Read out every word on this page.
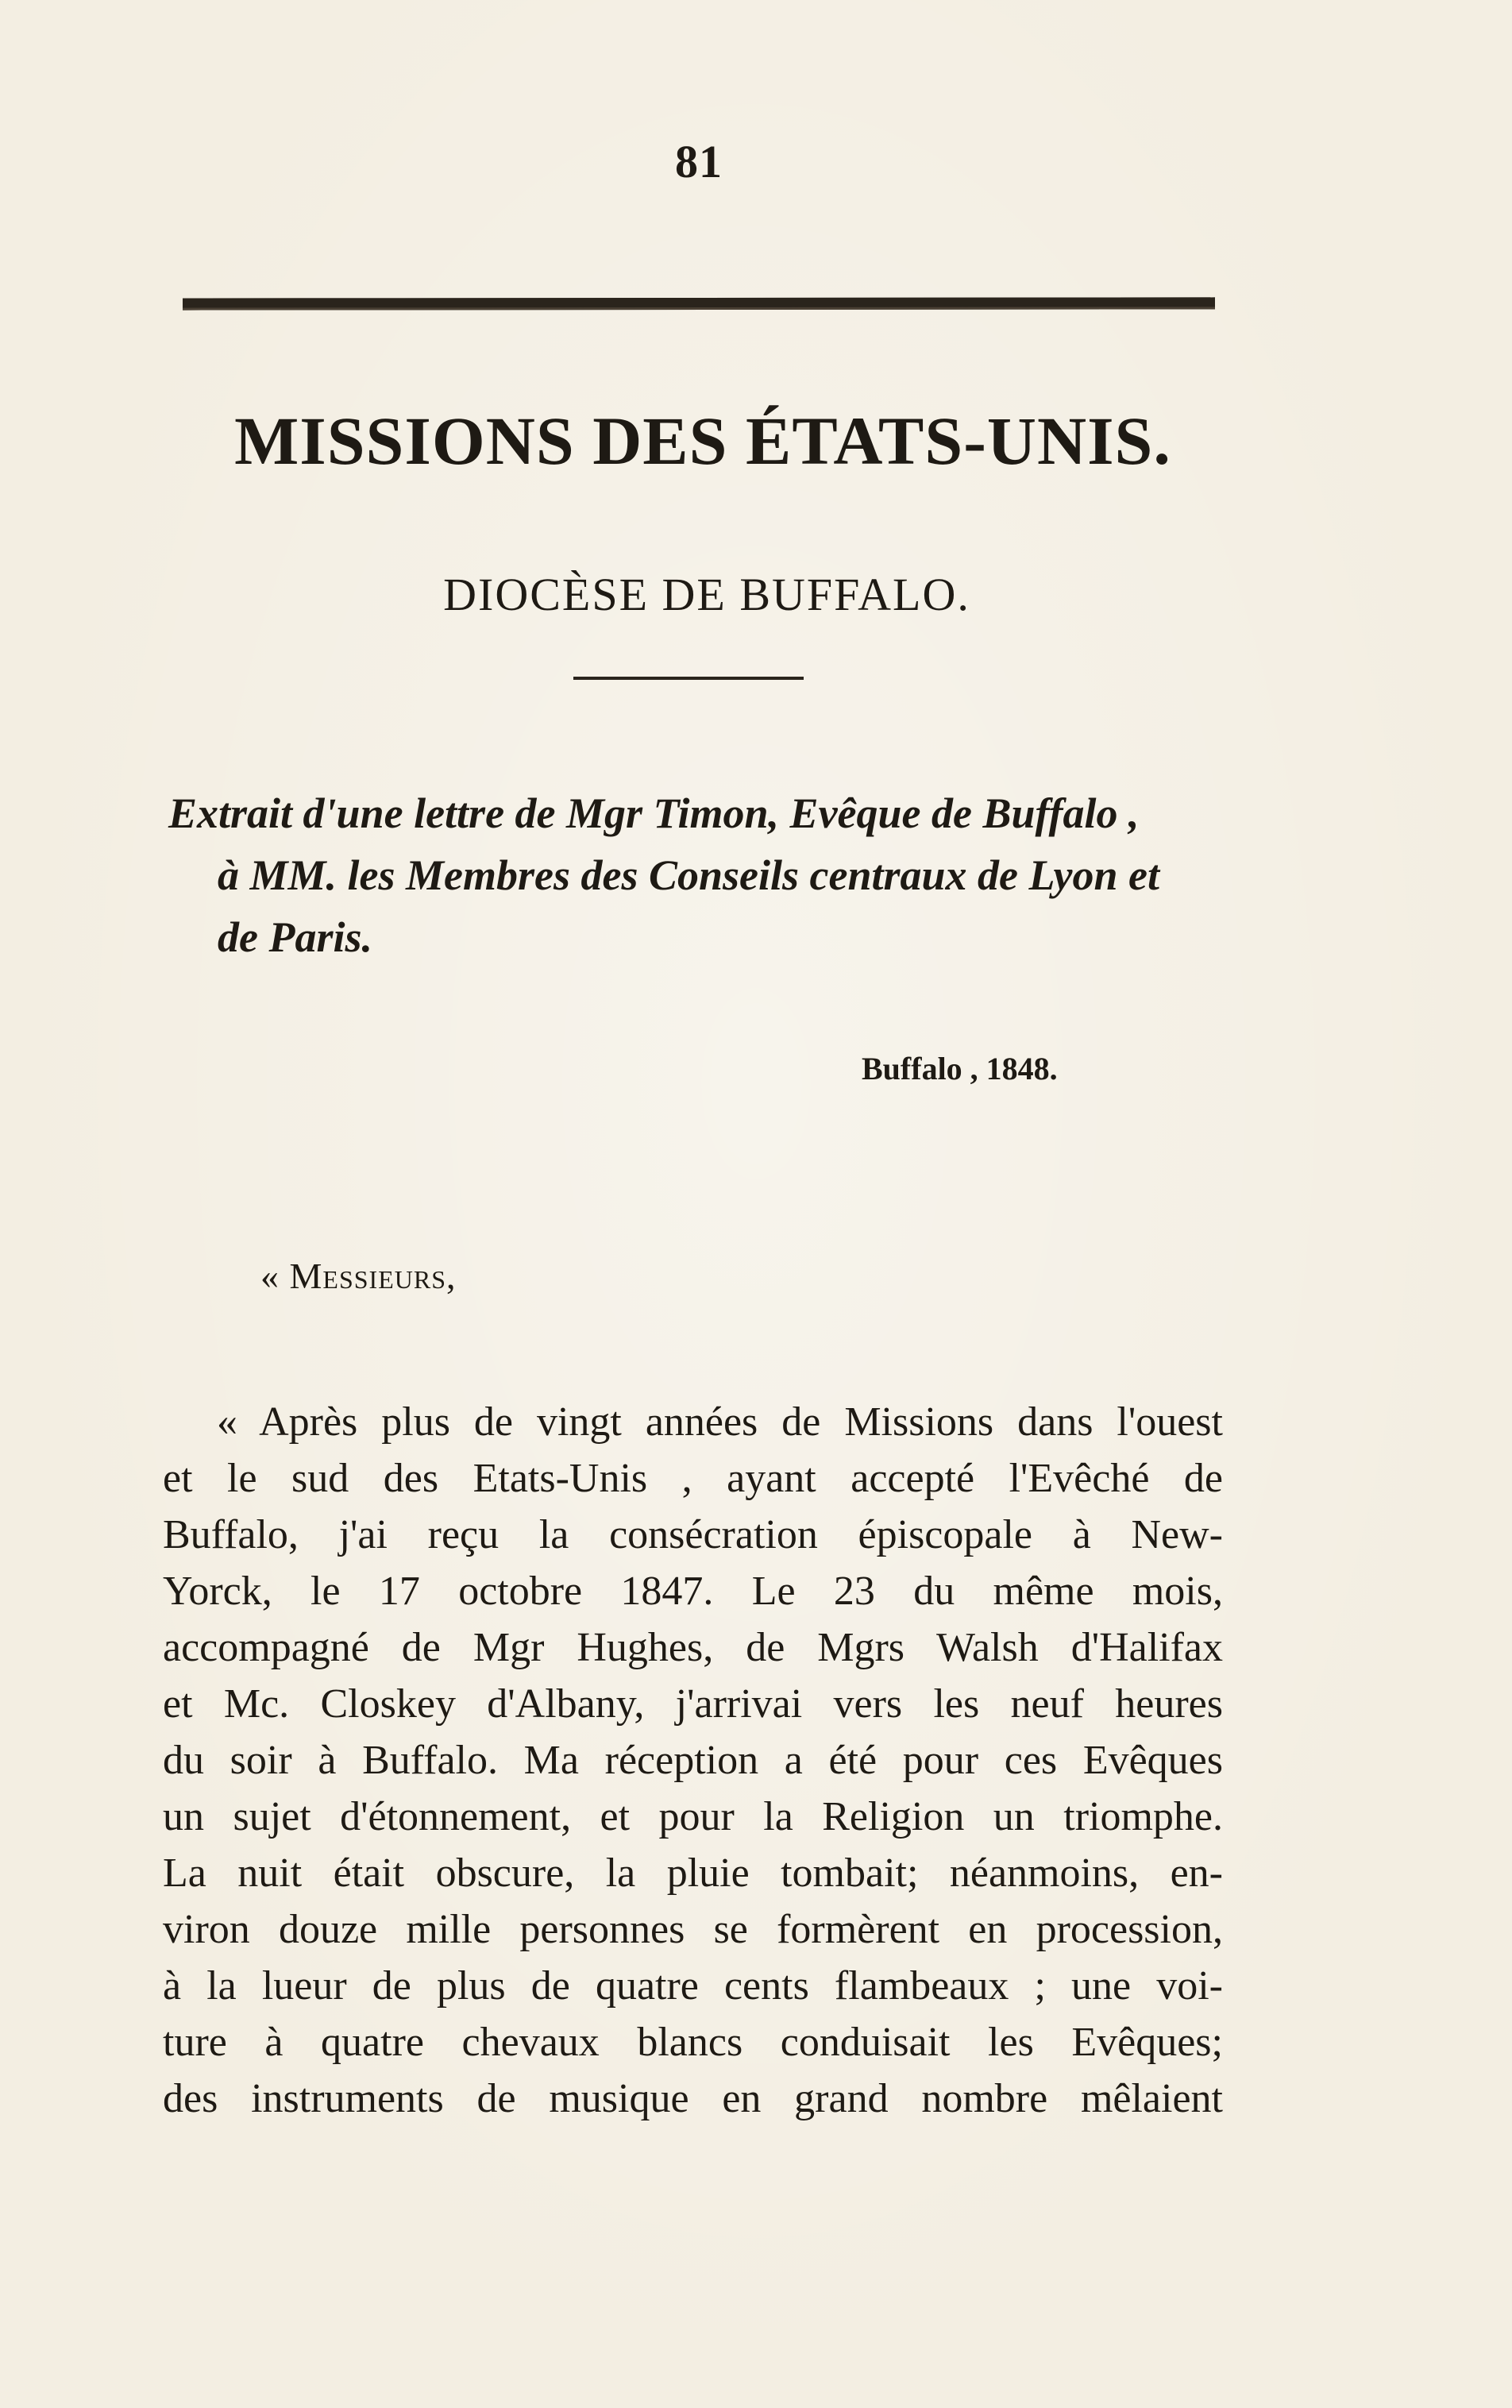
81
MISSIONS DES ÉTATS-UNIS.
DIOCÈSE DE BUFFALO.

Extrait d'une lettre de Mgr Timon, Evêque de Buffalo ,

à MM. les Membres des Conseils centraux de Lyon et

de Paris.

Buffalo , 1848.
« Messieurs,
« Après plus de vingt années de Missions dans l'ouest
et le sud des Etats-Unis , ayant accepté l'Evêché de
Buffalo, j'ai reçu la consécration épiscopale à New-
Yorck, le 17 octobre 1847. Le 23 du même mois,
accompagné de Mgr Hughes, de Mgrs Walsh d'Halifax
et Mc. Closkey d'Albany, j'arrivai vers les neuf heures
du soir à Buffalo. Ma réception a été pour ces Evêques
un sujet d'étonnement, et pour la Religion un triomphe.
La nuit était obscure, la pluie tombait; néanmoins, en-
viron douze mille personnes se formèrent en procession,
à la lueur de plus de quatre cents flambeaux ; une voi-
ture à quatre chevaux blancs conduisait les Evêques;
des instruments de musique en grand nombre mêlaient
